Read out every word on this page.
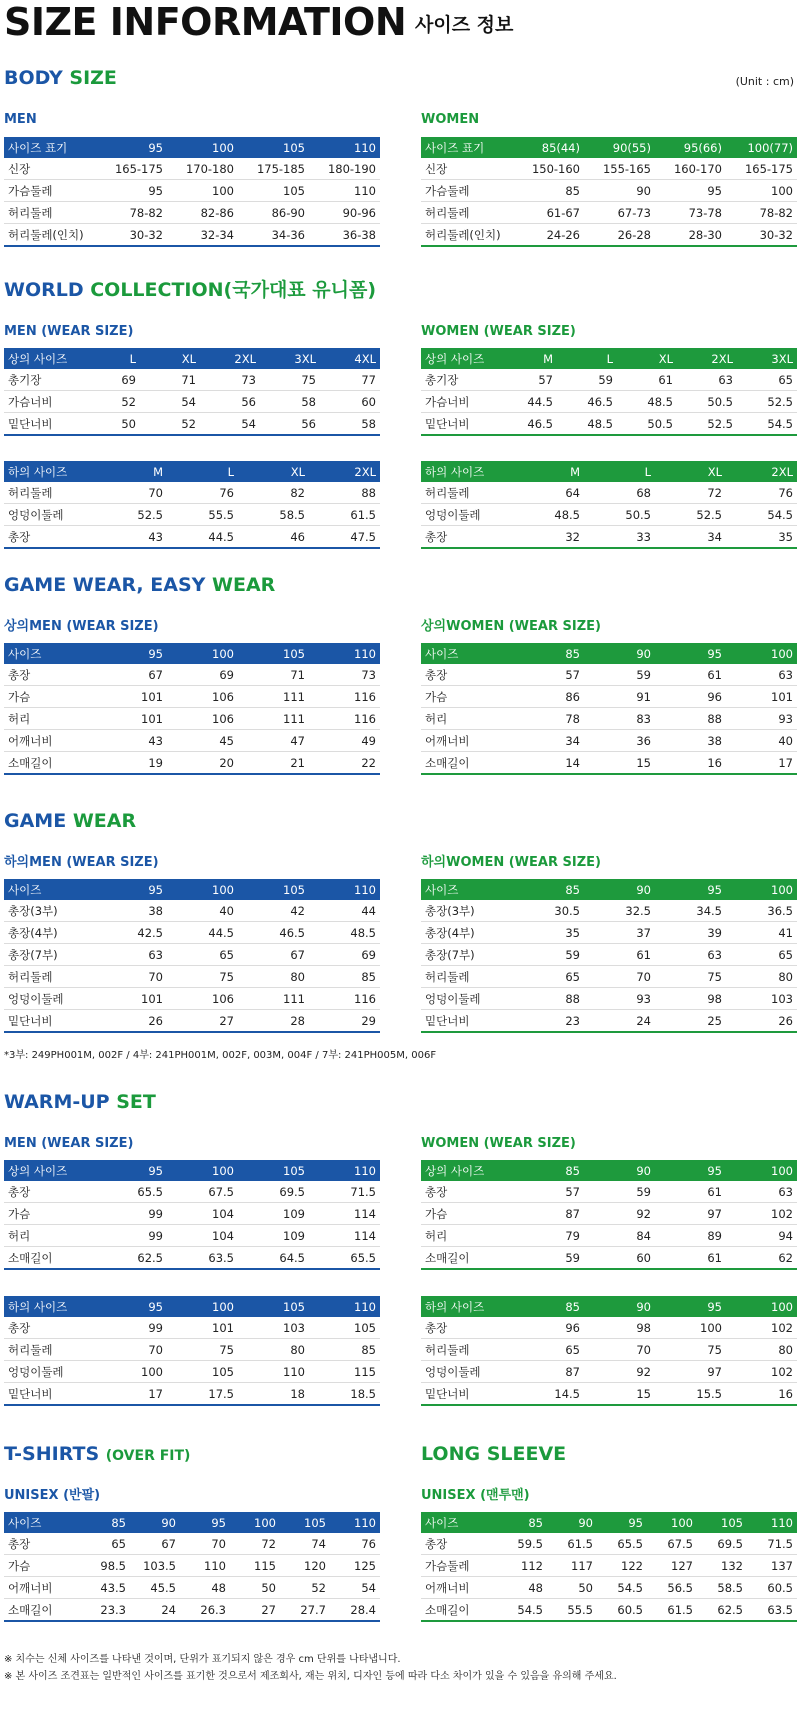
SIZE INFORMATION 사이즈 정보
BODY SIZE	(Unit : cm)
MEN	WOMEN
사이즈 표기	95	100	105	110
신장	165-175	170-180	175-185	180-190
가슴둘레	95	100	105	110
허리둘레	78-82	82-86	86-90	90-96
허리둘레(인치)	30-32	32-34	34-36	36-38
사이즈 표기	85(44)	90(55)	95(66)	100(77)
신장	150-160	155-165	160-170	165-175
가슴둘레	85	90	95	100
허리둘레	61-67	67-73	73-78	78-82
허리둘레(인치)	24-26	26-28	28-30	30-32
WORLD COLLECTION(국가대표 유니폼)
MEN (WEAR SIZE)	WOMEN (WEAR SIZE)
상의 사이즈	L	XL	2XL	3XL	4XL
총기장	69	71	73	75	77
가슴너비	52	54	56	58	60
밑단너비	50	52	54	56	58
상의 사이즈	M	L	XL	2XL	3XL
총기장	57	59	61	63	65
가슴너비	44.5	46.5	48.5	50.5	52.5
밑단너비	46.5	48.5	50.5	52.5	54.5
하의 사이즈	M	L	XL	2XL
허리둘레	70	76	82	88
엉덩이둘레	52.5	55.5	58.5	61.5
총장	43	44.5	46	47.5
하의 사이즈	M	L	XL	2XL
허리둘레	64	68	72	76
엉덩이둘레	48.5	50.5	52.5	54.5
총장	32	33	34	35
GAME WEAR, EASY WEAR
상의MEN (WEAR SIZE)	상의WOMEN (WEAR SIZE)
사이즈	95	100	105	110
총장	67	69	71	73
가슴	101	106	111	116
허리	101	106	111	116
어깨너비	43	45	47	49
소매길이	19	20	21	22
사이즈	85	90	95	100
총장	57	59	61	63
가슴	86	91	96	101
허리	78	83	88	93
어깨너비	34	36	38	40
소매길이	14	15	16	17
GAME WEAR
하의MEN (WEAR SIZE)	하의WOMEN (WEAR SIZE)
사이즈	95	100	105	110
총장(3부)	38	40	42	44
총장(4부)	42.5	44.5	46.5	48.5
총장(7부)	63	65	67	69
허리둘레	70	75	80	85
엉덩이둘레	101	106	111	116
밑단너비	26	27	28	29
사이즈	85	90	95	100
총장(3부)	30.5	32.5	34.5	36.5
총장(4부)	35	37	39	41
총장(7부)	59	61	63	65
허리둘레	65	70	75	80
엉덩이둘레	88	93	98	103
밑단너비	23	24	25	26
*3부: 249PH001M, 002F / 4부: 241PH001M, 002F, 003M, 004F / 7부: 241PH005M, 006F
WARM-UP SET
MEN (WEAR SIZE)	WOMEN (WEAR SIZE)
상의 사이즈	95	100	105	110
총장	65.5	67.5	69.5	71.5
가슴	99	104	109	114
허리	99	104	109	114
소매길이	62.5	63.5	64.5	65.5
상의 사이즈	85	90	95	100
총장	57	59	61	63
가슴	87	92	97	102
허리	79	84	89	94
소매길이	59	60	61	62
하의 사이즈	95	100	105	110
총장	99	101	103	105
허리둘레	70	75	80	85
엉덩이둘레	100	105	110	115
밑단너비	17	17.5	18	18.5
하의 사이즈	85	90	95	100
총장	96	98	100	102
허리둘레	65	70	75	80
엉덩이둘레	87	92	97	102
밑단너비	14.5	15	15.5	16
T-SHIRTS (OVER FIT)	LONG SLEEVE
UNISEX (반팔)	UNISEX (맨투맨)
사이즈	85	90	95	100	105	110
총장	65	67	70	72	74	76
가슴	98.5	103.5	110	115	120	125
어깨너비	43.5	45.5	48	50	52	54
소매길이	23.3	24	26.3	27	27.7	28.4
사이즈	85	90	95	100	105	110
총장	59.5	61.5	65.5	67.5	69.5	71.5
가슴둘레	112	117	122	127	132	137
어깨너비	48	50	54.5	56.5	58.5	60.5
소매길이	54.5	55.5	60.5	61.5	62.5	63.5
※ 치수는 신체 사이즈를 나타낸 것이며, 단위가 표기되지 않은 경우 cm 단위를 나타냅니다.
※ 본 사이즈 조견표는 일반적인 사이즈를 표기한 것으로서 제조회사, 재는 위치, 디자인 등에 따라 다소 차이가 있을 수 있음을 유의해 주세요.
